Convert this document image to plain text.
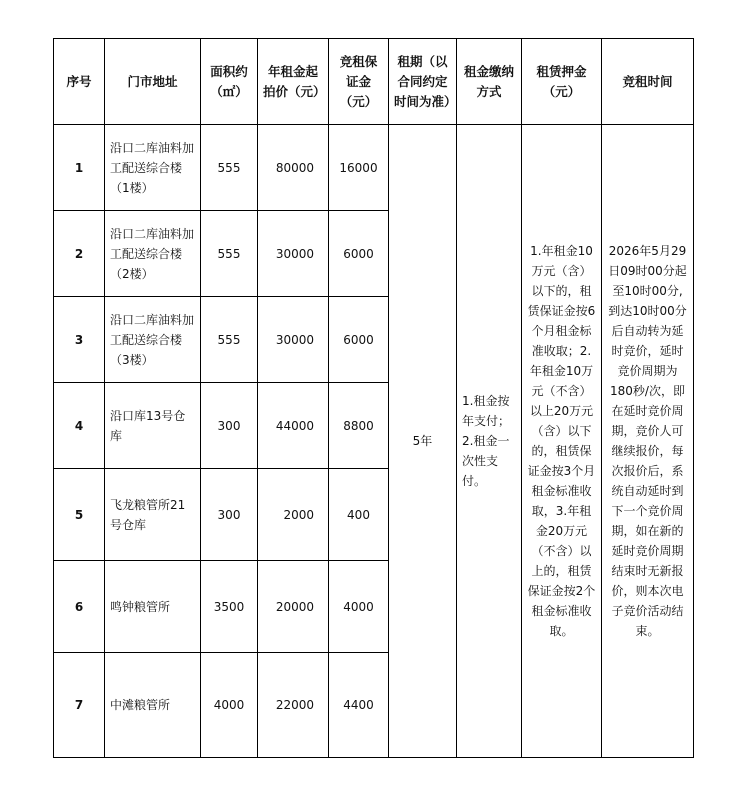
序号	门市地址	面积约（㎡）	年租金起拍价（元）	竞租保证金（元）	租期（以合同约定时间为准）	租金缴纳方式	租赁押金（元）	竞租时间
1	沿口二库油料加工配送综合楼（1楼）	555	80000	16000	5年	1.租金按年支付；2.租金一次性支付。	1.年租金10万元（含）以下的，租赁保证金按6个月租金标准收取；2.年租金10万元（不含）以上20万元（含）以下的，租赁保证金按3个月租金标准收取，3.年租金20万元（不含）以上的，租赁保证金按2个租金标准收取。	2026年5月29日09时00分起至10时00分,到达10时00分后自动转为延时竞价，延时竞价周期为180秒/次，即在延时竞价周期，竞价人可继续报价，每次报价后，系统自动延时到下一个竞价周期，如在新的延时竞价周期结束时无新报价，则本次电子竞价活动结束。
2	沿口二库油料加工配送综合楼（2楼）	555	30000	6000				
3	沿口二库油料加工配送综合楼（3楼）	555	30000	6000				
4	沿口库13号仓库	300	44000	8800				
5	飞龙粮管所21号仓库	300	2000	400				
6	鸣钟粮管所	3500	20000	4000				
7	中滩粮管所	4000	22000	4400				
